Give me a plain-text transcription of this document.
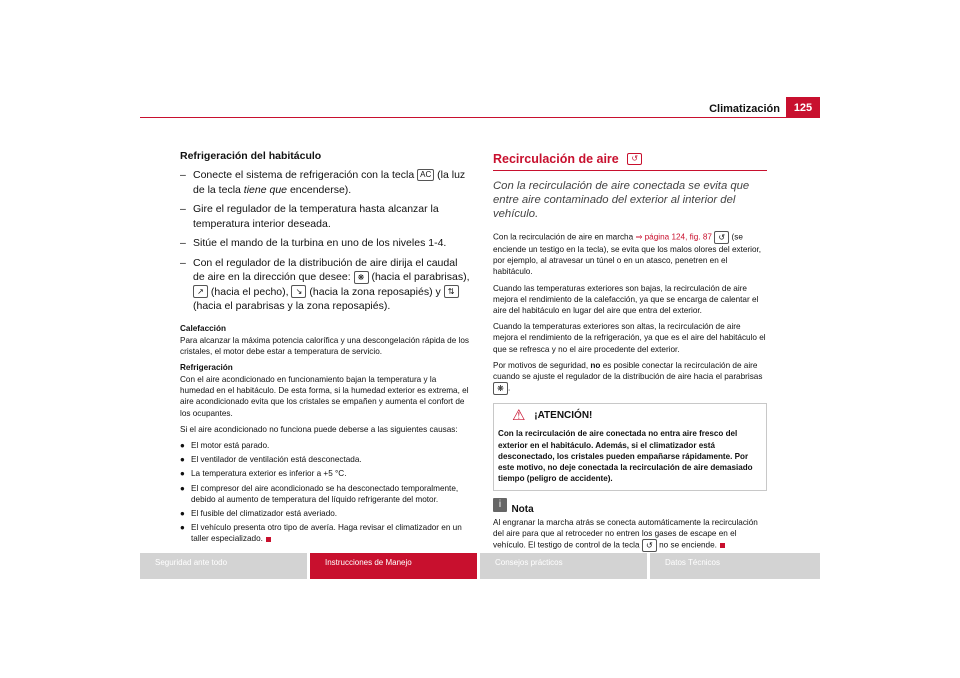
Climatización	125

Refrigeración del habitáculo

– Conecte el sistema de refrigeración con la tecla AC (la luz de la tecla tiene que encenderse).
– Gire el regulador de la temperatura hasta alcanzar la temperatura interior deseada.
– Sitúe el mando de la turbina en uno de los niveles 1-4.
– Con el regulador de la distribución de aire dirija el caudal de aire en la dirección que desee: ❋ (hacia el parabrisas), ↗ (hacia el pecho), ↘ (hacia la zona reposapiés) y ⇅ (hacia el parabrisas y la zona reposapiés).

Calefacción

Para alcanzar la máxima potencia calorífica y una descongelación rápida de los cristales, el motor debe estar a temperatura de servicio.

Refrigeración

Con el aire acondicionado en funcionamiento bajan la temperatura y la humedad en el habitáculo. De esta forma, si la humedad exterior es extrema, el aire acondicionado evita que los cristales se empañen y aumenta el confort de los ocupantes.

Si el aire acondicionado no funciona puede deberse a las siguientes causas:

● El motor está parado.
● El ventilador de ventilación está desconectada.
● La temperatura exterior es inferior a +5 °C.
● El compresor del aire acondicionado se ha desconectado temporalmente, debido al aumento de temperatura del líquido refrigerante del motor.
● El fusible del climatizador está averiado.
● El vehículo presenta otro tipo de avería. Haga revisar el climatizador en un taller especializado.
Recirculación de aire ↺

Con la recirculación de aire conectada se evita que entre aire contaminado del exterior al interior del vehículo.

Con la recirculación de aire en marcha ⇒ página 124, fig. 87 ↺ (se enciende un testigo en la tecla), se evita que los malos olores del exterior, por ejemplo, al atravesar un túnel o en un atasco, penetren en el habitáculo.

Cuando las temperaturas exteriores son bajas, la recirculación de aire mejora el rendimiento de la calefacción, ya que se encarga de calentar el aire del habitáculo en lugar del aire que entra del exterior.

Cuando la temperaturas exteriores son altas, la recirculación de aire mejora el rendimiento de la refrigeración, ya que es el aire del habitáculo el que se refresca y no el aire procedente del exterior.

Por motivos de seguridad, no es posible conectar la recirculación de aire cuando se ajuste el regulador de la distribución de aire hacia el parabrisas ❋ .

⚠ ¡ATENCIÓN!

Con la recirculación de aire conectada no entra aire fresco del exterior en el habitáculo. Además, si el climatizador está desconectado, los cristales pueden empañarse rápidamente. Por este motivo, no deje conectada la recirculación de aire demasiado tiempo (peligro de accidente).

i Nota

Al engranar la marcha atrás se conecta automáticamente la recirculación del aire para que al retroceder no entren los gases de escape en el vehículo. El testigo de control de la tecla ↺ no se enciende.

Seguridad ante todo	Instrucciones de Manejo	Consejos prácticos	Datos Técnicos
